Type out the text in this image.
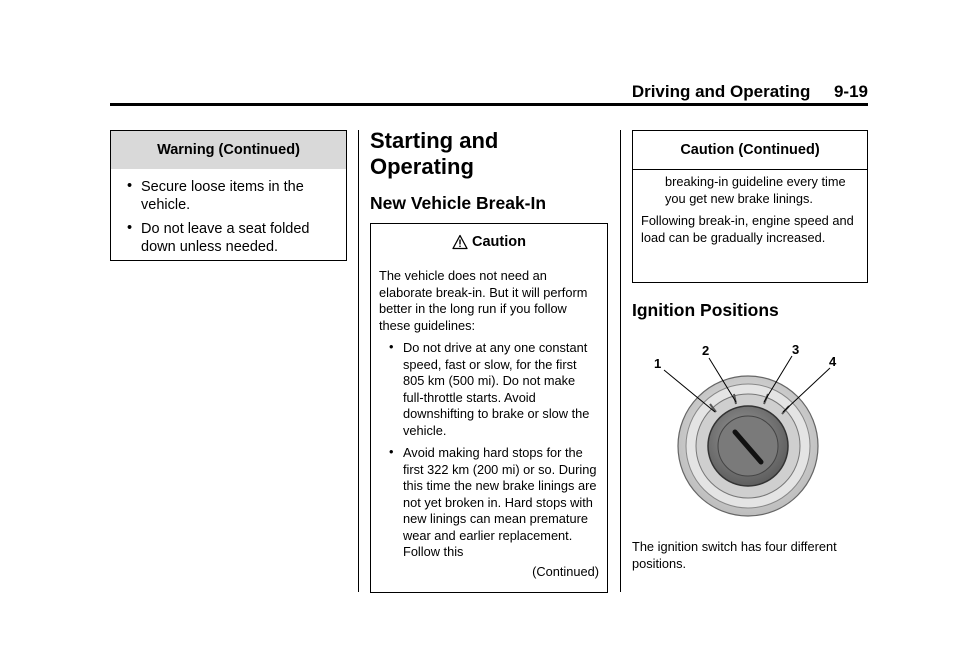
Driving and Operating 9-19
Warning (Continued)
• Secure loose items in the vehicle.
• Do not leave a seat folded down unless needed.
Starting and
Operating
New Vehicle Break-In
Caution
The vehicle does not need an elaborate break-in. But it will perform better in the long run if you follow these guidelines:
• Do not drive at any one constant speed, fast or slow, for the first 805 km (500 mi). Do not make full-throttle starts. Avoid downshifting to brake or slow the vehicle.
• Avoid making hard stops for the first 322 km (200 mi) or so. During this time the new brake linings are not yet broken in. Hard stops with new linings can mean premature wear and earlier replacement. Follow this
(Continued)
Caution (Continued)
breaking-in guideline every time you get new brake linings.
Following break-in, engine speed and load can be gradually increased.
Ignition Positions
1
2	3
4
The ignition switch has four different positions.
